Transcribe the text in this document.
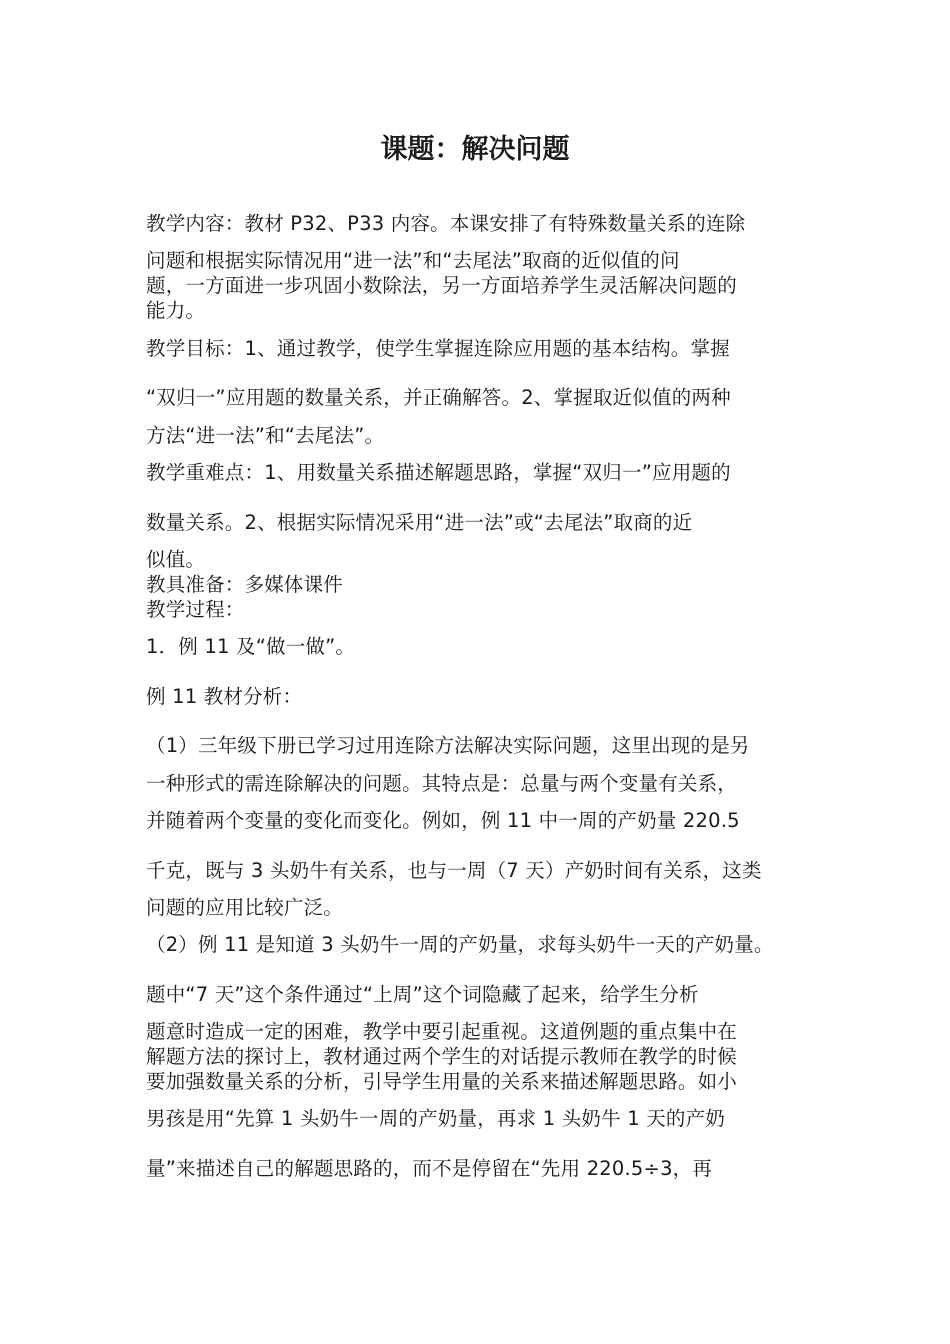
课题：解决问题
教学内容：教材 P32、P33 内容。本课安排了有特殊数量关系的连除
问题和根据实际情况用“进一法”和“去尾法”取商的近似值的问
题，一方面进一步巩固小数除法，另一方面培养学生灵活解决问题的
能力。
教学目标：1、通过教学，使学生掌握连除应用题的基本结构。掌握
“双归一”应用题的数量关系，并正确解答。2、掌握取近似值的两种
方法“进一法”和“去尾法”。
教学重难点：1、用数量关系描述解题思路，掌握“双归一”应用题的
数量关系。2、根据实际情况采用“进一法”或“去尾法”取商的近
似值。
教具准备：多媒体课件
教学过程：
1．例 11 及“做一做”。
例 11 教材分析：
（1）三年级下册已学习过用连除方法解决实际问题，这里出现的是另
一种形式的需连除解决的问题。其特点是：总量与两个变量有关系，
并随着两个变量的变化而变化。例如，例 11 中一周的产奶量 220.5
千克，既与 3 头奶牛有关系，也与一周（7 天）产奶时间有关系，这类
问题的应用比较广泛。
（2）例 11 是知道 3 头奶牛一周的产奶量，求每头奶牛一天的产奶量。
题中“7 天”这个条件通过“上周”这个词隐藏了起来，给学生分析
题意时造成一定的困难，教学中要引起重视。这道例题的重点集中在
解题方法的探讨上，教材通过两个学生的对话提示教师在教学的时候
要加强数量关系的分析，引导学生用量的关系来描述解题思路。如小
男孩是用“先算 1 头奶牛一周的产奶量，再求 1 头奶牛 1 天的产奶
量”来描述自己的解题思路的，而不是停留在“先用 220.5÷3，再
